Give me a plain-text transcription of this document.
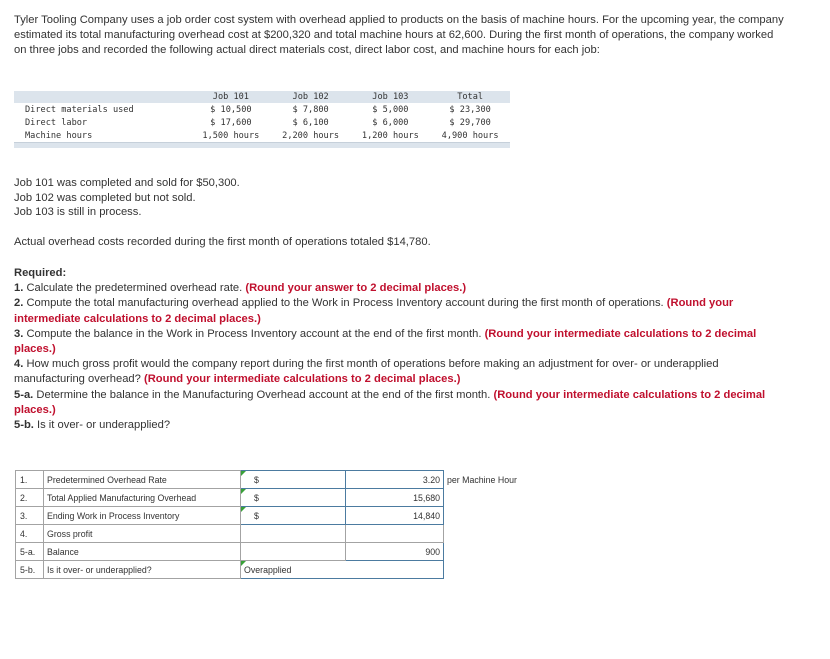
Tyler Tooling Company uses a job order cost system with overhead applied to products on the basis of machine hours. For the upcoming year, the company estimated its total manufacturing overhead cost at $200,320 and total machine hours at 62,600. During the first month of operations, the company worked on three jobs and recorded the following actual direct materials cost, direct labor cost, and machine hours for each job:
	Job 101	Job 102	Job 103	Total
Direct materials used	$ 10,500	$ 7,800	$ 5,000	$ 23,300
Direct labor	$ 17,600	$ 6,100	$ 6,000	$ 29,700
Machine hours	1,500 hours	2,200 hours	1,200 hours	4,900 hours

Job 101 was completed and sold for $50,300.
Job 102 was completed but not sold.
Job 103 is still in process.
Actual overhead costs recorded during the first month of operations totaled $14,780.
Required:
1. Calculate the predetermined overhead rate. (Round your answer to 2 decimal places.)
2. Compute the total manufacturing overhead applied to the Work in Process Inventory account during the first month of operations. (Round your intermediate calculations to 2 decimal places.)
3. Compute the balance in the Work in Process Inventory account at the end of the first month. (Round your intermediate calculations to 2 decimal places.)
4. How much gross profit would the company report during the first month of operations before making an adjustment for over- or underapplied manufacturing overhead? (Round your intermediate calculations to 2 decimal places.)
5-a. Determine the balance in the Manufacturing Overhead account at the end of the first month. (Round your intermediate calculations to 2 decimal places.)
5-b. Is it over- or underapplied?
1.	Predetermined Overhead Rate	$	3.20	per Machine Hour
2.	Total Applied Manufacturing Overhead	$	15,680	
3.	Ending Work in Process Inventory	$	14,840	
4.	Gross profit			
5-a.	Balance		900	
5-b.	Is it over- or underapplied?	Overapplied		
